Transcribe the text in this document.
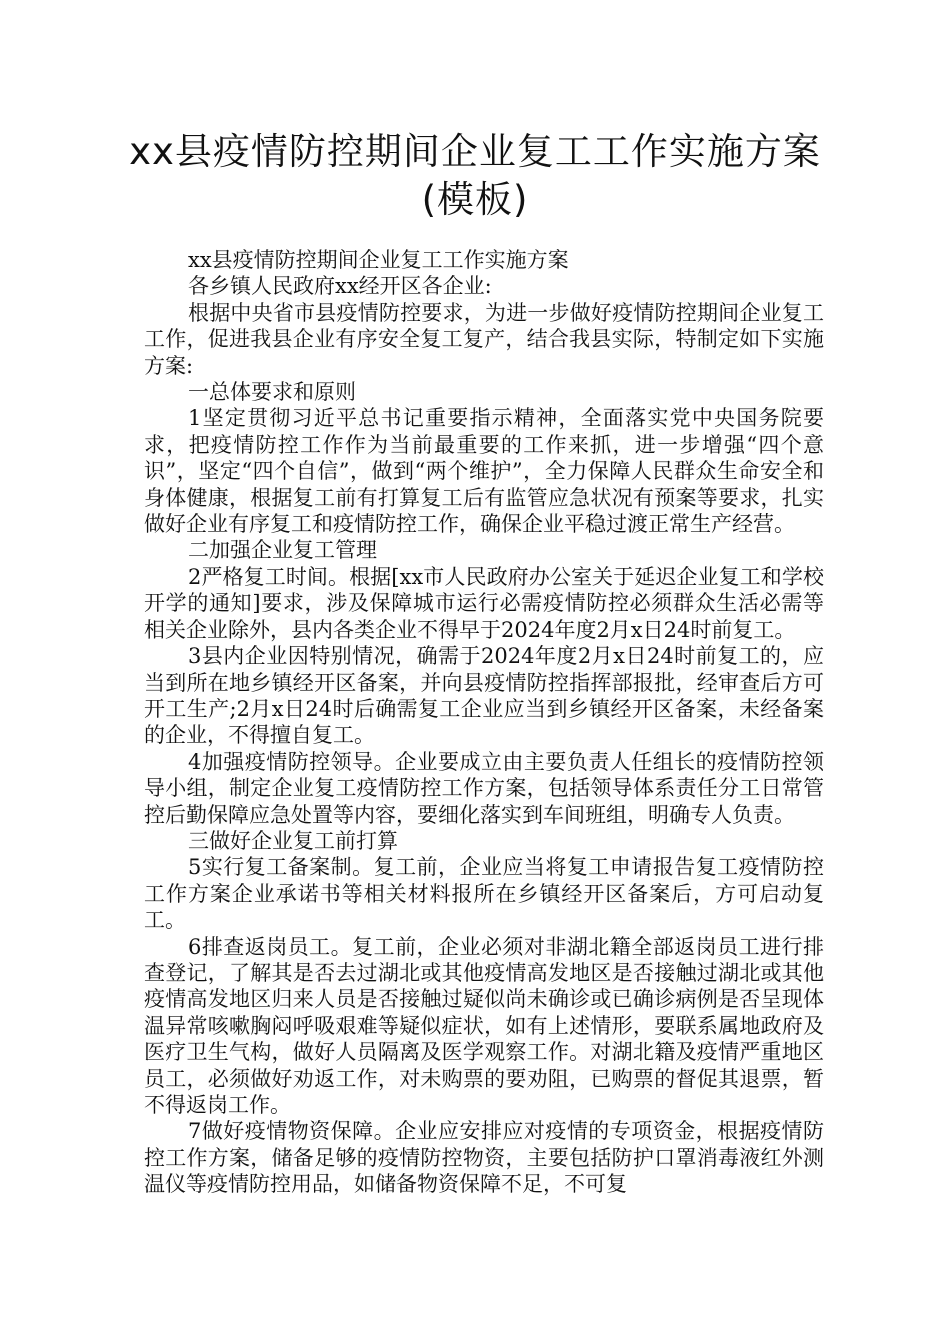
xx县疫情防控期间企业复工工作实施方案(模板)

xx县疫情防控期间企业复工工作实施方案

各乡镇人民政府xx经开区各企业:

根据中央省市县疫情防控要求，为进一步做好疫情防控期间企业复工工作，促进我县企业有序安全复工复产，结合我县实际，特制定如下实施方案:

一总体要求和原则

1坚定贯彻习近平总书记重要指示精神，全面落实党中央国务院要求，把疫情防控工作作为当前最重要的工作来抓，进一步增强“四个意识”，坚定“四个自信”，做到“两个维护”，全力保障人民群众生命安全和身体健康，根据复工前有打算复工后有监管应急状况有预案等要求，扎实做好企业有序复工和疫情防控工作，确保企业平稳过渡正常生产经营。

二加强企业复工管理

2严格复工时间。根据[xx市人民政府办公室关于延迟企业复工和学校开学的通知]要求，涉及保障城市运行必需疫情防控必须群众生活必需等相关企业除外，县内各类企业不得早于2024年度2月x日24时前复工。

3县内企业因特别情况，确需于2024年度2月x日24时前复工的，应当到所在地乡镇经开区备案，并向县疫情防控指挥部报批，经审查后方可开工生产;2月x日24时后确需复工企业应当到乡镇经开区备案，未经备案的企业，不得擅自复工。

4加强疫情防控领导。企业要成立由主要负责人任组长的疫情防控领导小组，制定企业复工疫情防控工作方案，包括领导体系责任分工日常管控后勤保障应急处置等内容，要细化落实到车间班组，明确专人负责。

三做好企业复工前打算

5实行复工备案制。复工前，企业应当将复工申请报告复工疫情防控工作方案企业承诺书等相关材料报所在乡镇经开区备案后，方可启动复工。

6排查返岗员工。复工前，企业必须对非湖北籍全部返岗员工进行排查登记，了解其是否去过湖北或其他疫情高发地区是否接触过湖北或其他疫情高发地区归来人员是否接触过疑似尚未确诊或已确诊病例是否呈现体温异常咳嗽胸闷呼吸艰难等疑似症状，如有上述情形，要联系属地政府及医疗卫生气构，做好人员隔离及医学观察工作。对湖北籍及疫情严重地区员工，必须做好劝返工作，对未购票的要劝阻，已购票的督促其退票，暂不得返岗工作。

7做好疫情物资保障。企业应安排应对疫情的专项资金，根据疫情防控工作方案，储备足够的疫情防控物资，主要包括防护口罩消毒液红外测温仪等疫情防控用品，如储备物资保障不足，不可复
